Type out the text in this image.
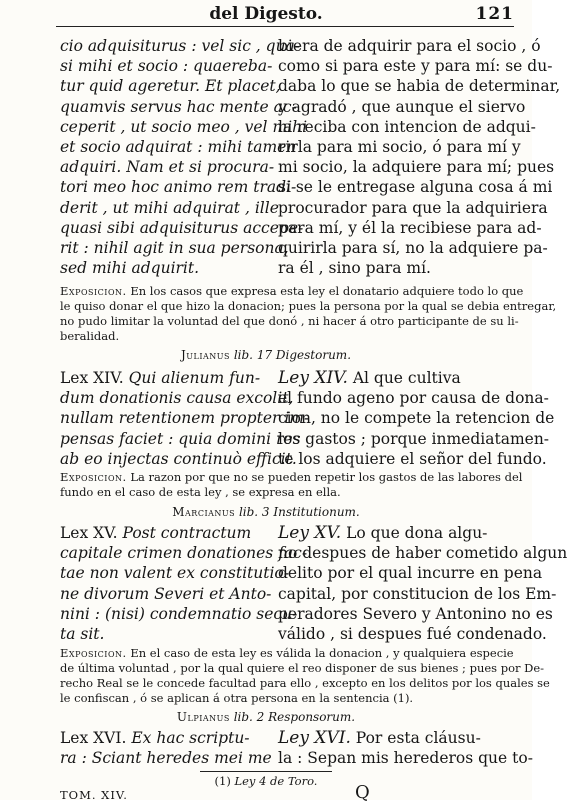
del Digesto.	121
cio adquisiturus : vel sic , qua-
si mihi et socio : quaereba-
tur quid ageretur. Et placet,
quamvis servus hac mente ac-
ceperit , ut socio meo , vel mihi
et socio adquirat : mihi tamen
adquiri. Nam et si procura-
tori meo hoc animo rem tradi-
derit , ut mihi adquirat , ille
quasi sibi adquisiturus accepe-
rit : nihil agit in sua persona,
sed mihi adquirit.
biera de adquirir para el socio , ó
como si para este y para mí: se du-
daba lo que se habia de determinar,
y agradó , que aunque el siervo
la reciba con intencion de adqui-
rirla para mi socio, ó para mí y
mi socio, la adquiere para mí; pues
si se le entregase alguna cosa á mi
procurador para que la adquiriera
para mí, y él la recibiese para ad-
quirirla para sí, no la adquiere pa-
ra él , sino para mí.
Exposicion. En los casos que expresa esta ley el donatario adquiere todo lo que
le quiso donar el que hizo la donacion; pues la persona por la qual se debia entregar,
no pudo limitar la voluntad del que donó , ni hacer á otro participante de su li-
beralidad.
Julianus lib. 17 Digestorum.
Lex XIV. Qui alienum fun-
dum donationis causa excolit,
nullam retentionem propter im-
pensas faciet : quia domini res
ab eo injectas continuò efficit.
Ley XIV. Al que cultiva
el fundo ageno por causa de dona-
cion, no le compete la retencion de
los gastos ; porque inmediatamen-
te los adquiere el señor del fundo.
Exposicion. La razon por que no se pueden repetir los gastos de las labores del
fundo en el caso de esta ley , se expresa en ella.
Marcianus lib. 3 Institutionum.
Lex XV. Post contractum
capitale crimen donationes fac-
tae non valent ex constitutio-
ne divorum Severi et Anto-
nini : (nisi) condemnatio secu-
ta sit.
Ley XV. Lo que dona algu-
no despues de haber cometido algun
delito por el qual incurre en pena
capital, por constitucion de los Em-
peradores Severo y Antonino no es
válido , si despues fué condenado.
Exposicion. En el caso de esta ley es válida la donacion , y qualquiera especie
de última voluntad , por la qual quiere el reo disponer de sus bienes ; pues por De-
recho Real se le concede facultad para ello , excepto en los delitos por los quales se
le confiscan , ó se aplican á otra persona en la sentencia (1).
Ulpianus lib. 2 Responsorum.
Lex XVI. Ex hac scriptu-
ra : Sciant heredes mei me
Ley XVI. Por esta cláusu-
la : Sepan mis herederos que to-
(1) Ley 4 de Toro.
TOM. XIV.	Q
